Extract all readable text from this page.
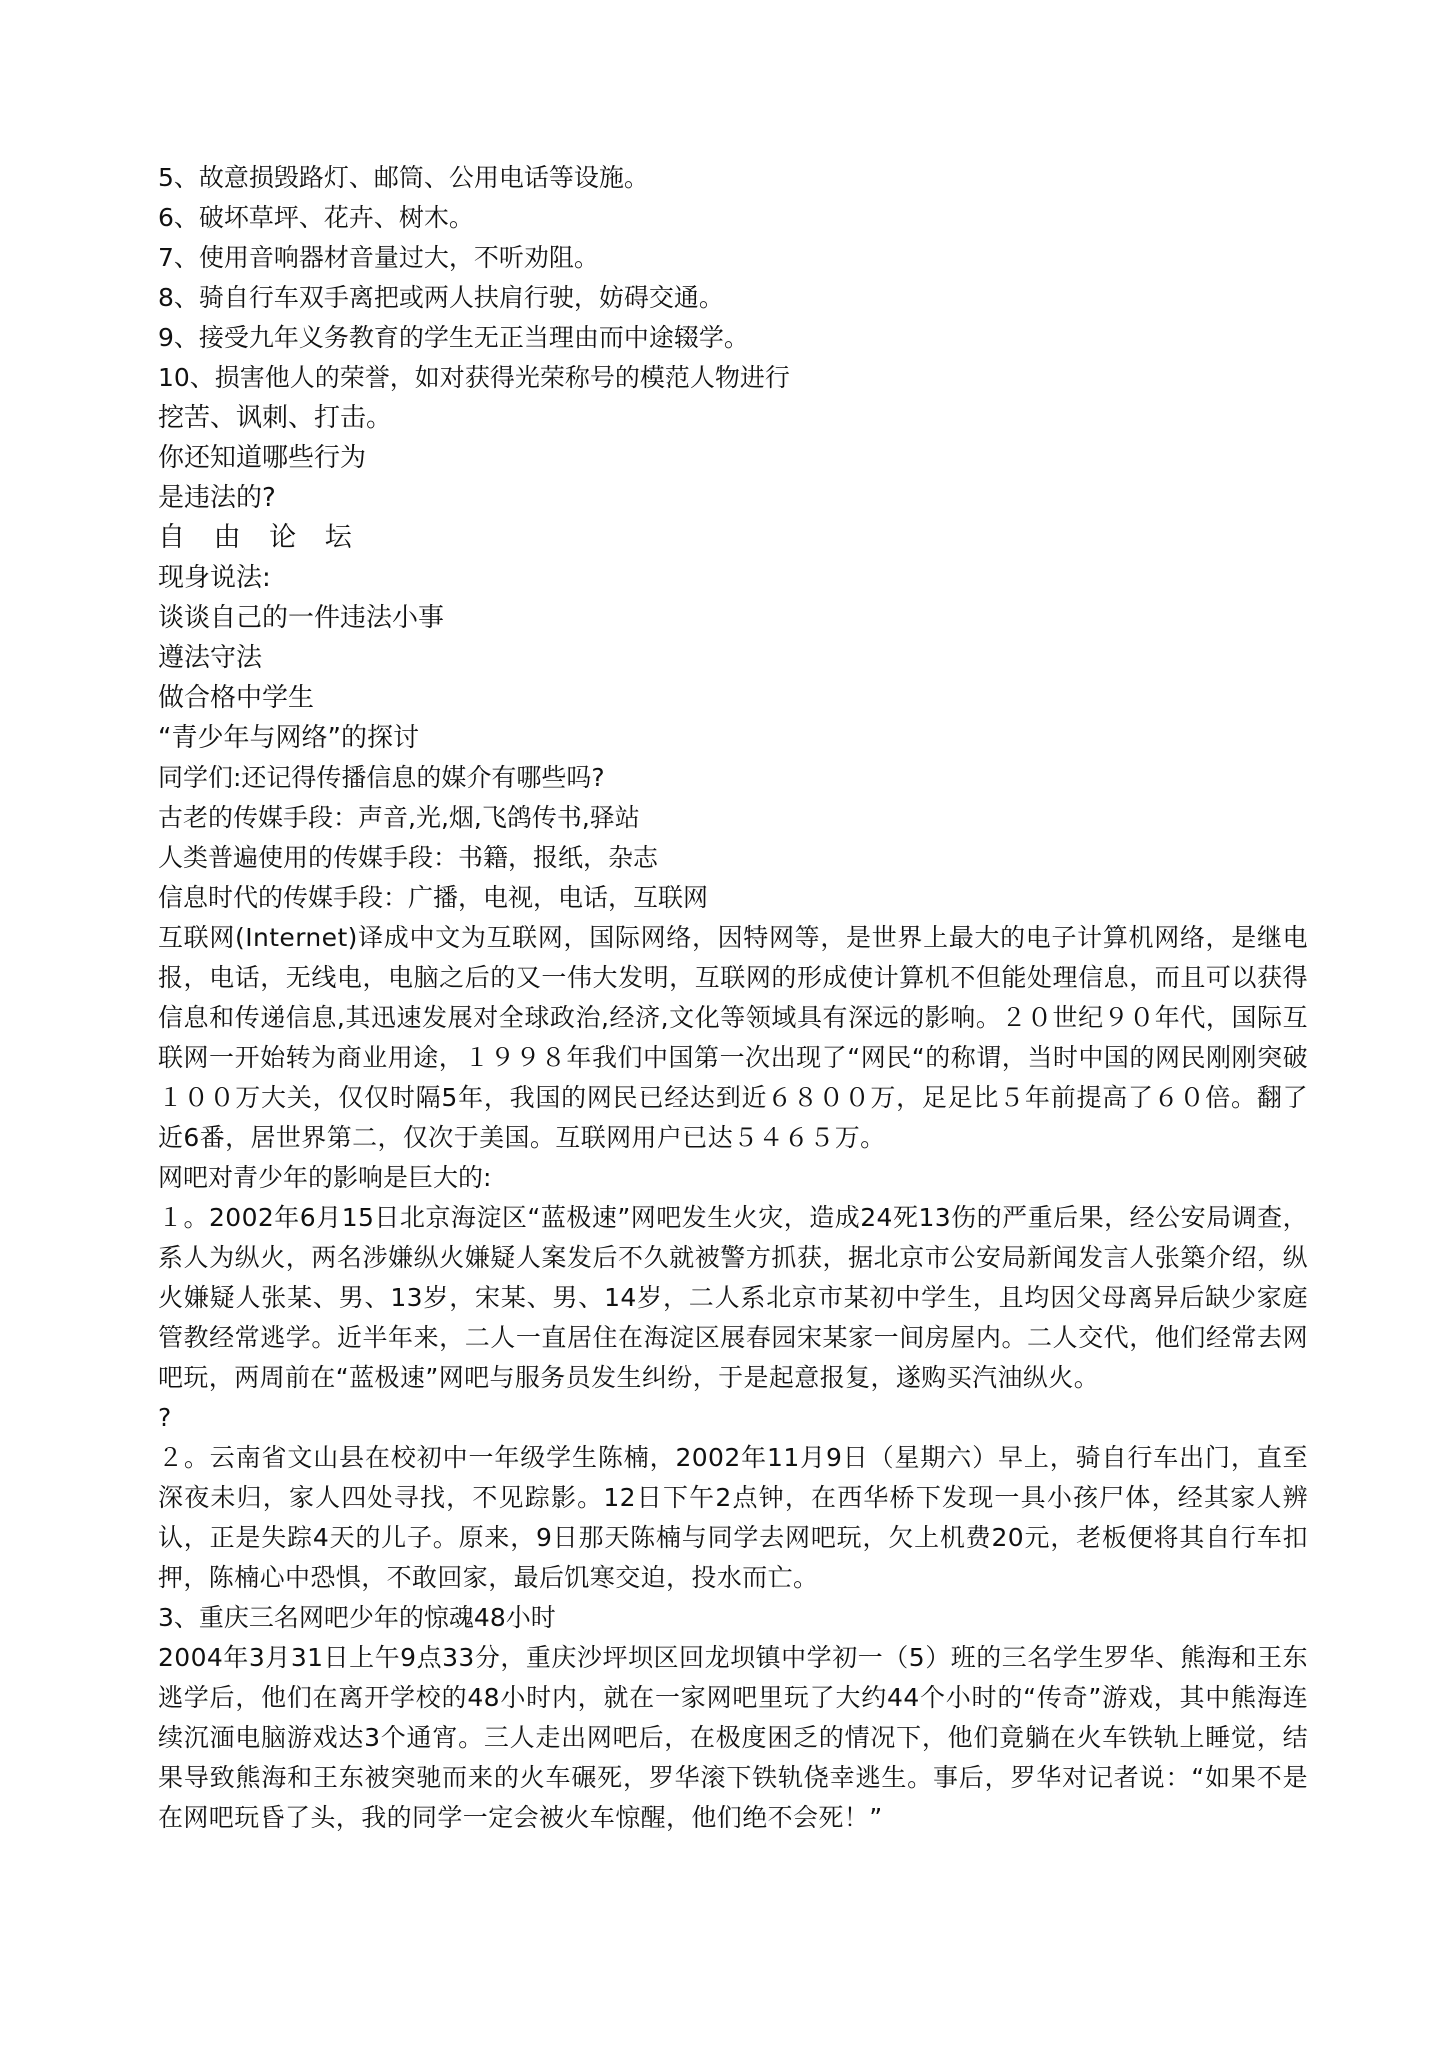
5、故意损毁路灯、邮筒、公用电话等设施。
6、破坏草坪、花卉、树木。
7、使用音响器材音量过大，不听劝阻。
8、骑自行车双手离把或两人扶肩行驶，妨碍交通。
9、接受九年义务教育的学生无正当理由而中途辍学。
10、损害他人的荣誉，如对获得光荣称号的模范人物进行
挖苦、讽刺、打击。
你还知道哪些行为
是违法的?
自 由 论 坛
现身说法:
谈谈自己的一件违法小事
遵法守法
做合格中学生
“青少年与网络”的探讨
同学们:还记得传播信息的媒介有哪些吗?
古老的传媒手段：声音,光,烟,飞鸽传书,驿站
人类普遍使用的传媒手段：书籍，报纸，杂志
信息时代的传媒手段：广播，电视，电话，互联网
互联网(Internet)译成中文为互联网，国际网络，因特网等，是世界上最大的电子计算机网络，是继电报，电话，无线电，电脑之后的又一伟大发明，互联网的形成使计算机不但能处理信息，而且可以获得信息和传递信息,其迅速发展对全球政治,经济,文化等领域具有深远的影响。２０世纪９０年代，国际互联网一开始转为商业用途，１９９８年我们中国第一次出现了“网民“的称谓，当时中国的网民刚刚突破１００万大关，仅仅时隔5年，我国的网民已经达到近６８００万，足足比５年前提高了６０倍。翻了近6番，居世界第二，仅次于美国。互联网用户已达５４６５万。
网吧对青少年的影响是巨大的:
１。2002年6月15日北京海淀区“蓝极速”网吧发生火灾，造成24死13伤的严重后果，经公安局调查，系人为纵火，两名涉嫌纵火嫌疑人案发后不久就被警方抓获，据北京市公安局新闻发言人张築介绍，纵火嫌疑人张某、男、13岁，宋某、男、14岁，二人系北京市某初中学生，且均因父母离异后缺少家庭管教经常逃学。近半年来，二人一直居住在海淀区展春园宋某家一间房屋内。二人交代，他们经常去网吧玩，两周前在“蓝极速”网吧与服务员发生纠纷，于是起意报复，遂购买汽油纵火。
?
２。云南省文山县在校初中一年级学生陈楠，2002年11月9日（星期六）早上，骑自行车出门，直至深夜未归，家人四处寻找，不见踪影。12日下午2点钟，在西华桥下发现一具小孩尸体，经其家人辨认，正是失踪4天的儿子。原来，9日那天陈楠与同学去网吧玩，欠上机费20元，老板便将其自行车扣押，陈楠心中恐惧，不敢回家，最后饥寒交迫，投水而亡。
3、重庆三名网吧少年的惊魂48小时
2004年3月31日上午9点33分，重庆沙坪坝区回龙坝镇中学初一（5）班的三名学生罗华、熊海和王东逃学后，他们在离开学校的48小时内，就在一家网吧里玩了大约44个小时的“传奇”游戏，其中熊海连续沉湎电脑游戏达3个通宵。三人走出网吧后，在极度困乏的情况下，他们竟躺在火车铁轨上睡觉，结果导致熊海和王东被突驰而来的火车碾死，罗华滚下铁轨侥幸逃生。事后，罗华对记者说：“如果不是在网吧玩昏了头，我的同学一定会被火车惊醒，他们绝不会死！”
